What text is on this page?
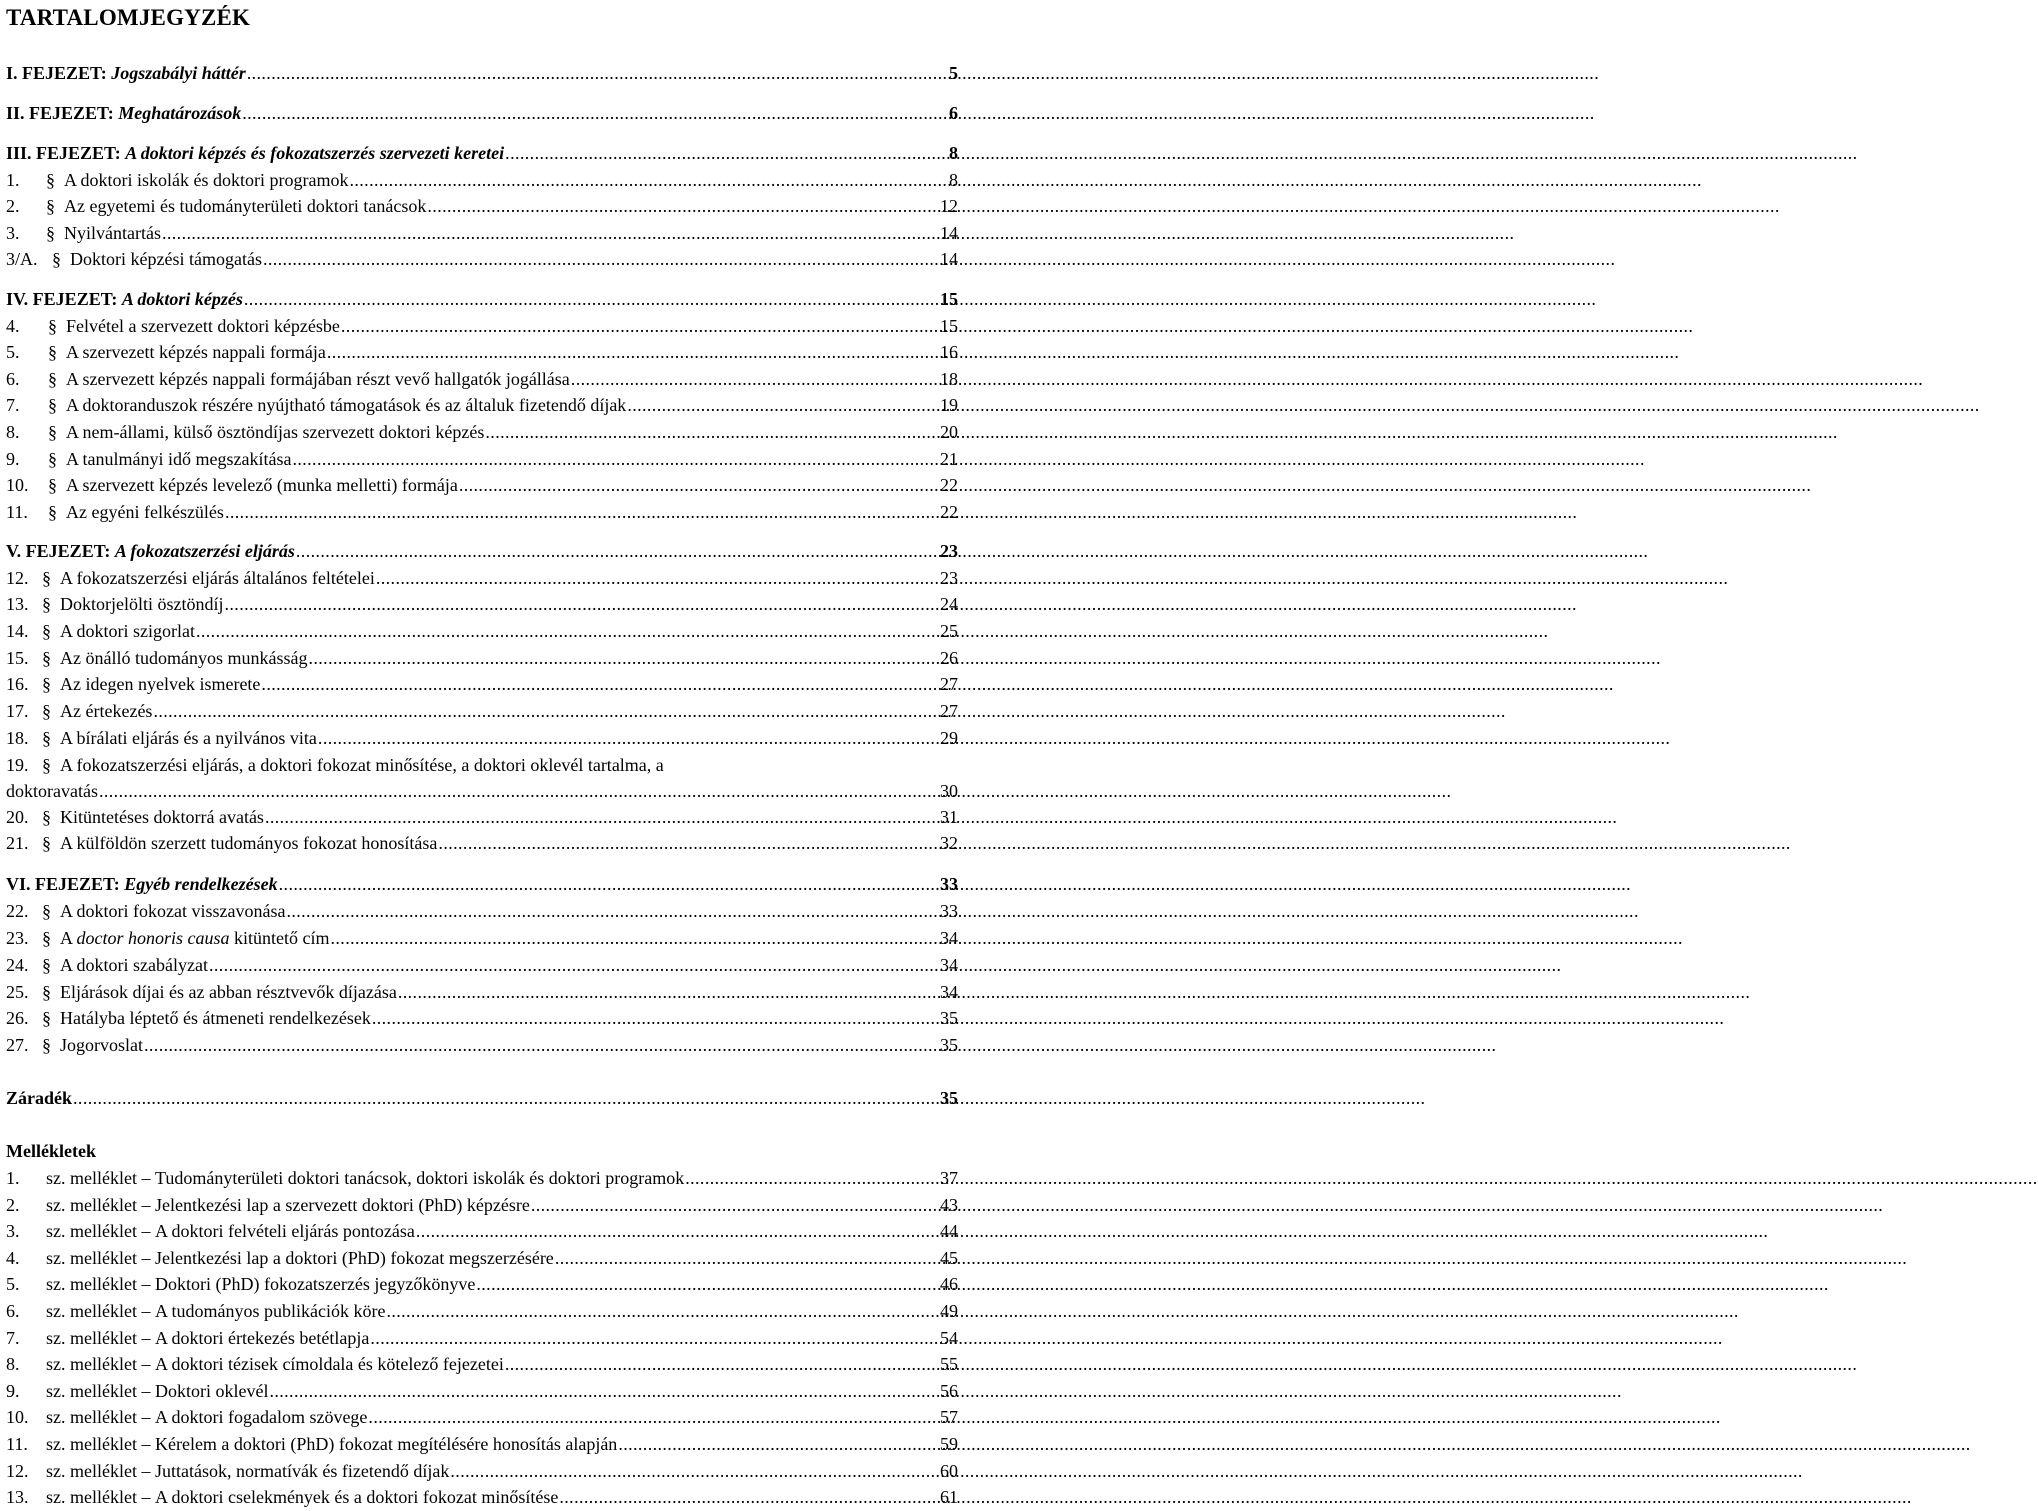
TARTALOMJEGYZÉK
I. FEJEZET: Jogszabályi háttér .....	5
II. FEJEZET: Meghatározások .....	6
III. FEJEZET: A doktori képzés és fokozatszerzés szervezeti keretei .....	8
1.	§ A doktori iskolák és doktori programok .....	8
2.	§ Az egyetemi és tudományterületi doktori tanácsok .....	12
3.	§ Nyilvántartás .....	14
3/A. § Doktori képzési támogatás .....	14
IV. FEJEZET: A doktori képzés .....	15
4.	§ Felvétel a szervezett doktori képzésbe .....	15
5.	§ A szervezett képzés nappali formája .....	16
6.	§ A szervezett képzés nappali formájában részt vevő hallgatók jogállása .....	18
7.	§ A doktoranduszok részére nyújtható támogatások és az általuk fizetendő díjak .....	19
8.	§ A nem-állami, külső ösztöndíjas szervezett doktori képzés .....	20
9.	§ A tanulmányi idő megszakítása .....	21
10.	§ A szervezett képzés levelező (munka melletti) formája .....	22
11.	§ Az egyéni felkészülés .....	22
V. FEJEZET: A fokozatszerzési eljárás .....	23
12. § A fokozatszerzési eljárás általános feltételei .....	23
13. § Doktorjelölti ösztöndíj .....	24
14. § A doktori szigorlat .....	25
15. § Az önálló tudományos munkásság .....	26
16. § Az idegen nyelvek ismerete .....	27
17. § Az értekezés .....	27
18. § A bírálati eljárás és a nyilvános vita .....	29
19. § A fokozatszerzési eljárás, a doktori fokozat minősítése, a doktori oklevél tartalma, a
doktoravatás .....	30
20. § Kitüntetéses doktorrá avatás .....	31
21. § A külföldön szerzett tudományos fokozat honosítása .....	32
VI. FEJEZET: Egyéb rendelkezések .....	33
22. § A doktori fokozat visszavonása .....	33
23. § A doctor honoris causa kitüntető cím .....	34
24. § A doktori szabályzat .....	34
25. § Eljárások díjai és az abban résztvevők díjazása .....	34
26. § Hatályba léptető és átmeneti rendelkezések .....	35
27. § Jogorvoslat .....	35
Záradék .....	35
Mellékletek
1.	sz. melléklet –
Tudományterületi doktori tanácsok, doktori iskolák és doktori programok .....	37
2.	sz. melléklet –
Jelentkezési lap a szervezett doktori (PhD) képzésre .....	43
3.	sz. melléklet –
A doktori felvételi eljárás pontozása .....	44
4.	sz. melléklet –
Jelentkezési lap a doktori (PhD) fokozat megszerzésére .....	45
5.	sz. melléklet –
Doktori (PhD) fokozatszerzés jegyzőkönyve .....	46
6.	sz. melléklet –
A tudományos publikációk köre .....	49
7.	sz. melléklet –
A doktori értekezés betétlapja .....	54
8.	sz. melléklet –
A doktori tézisek címoldala és kötelező fejezetei .....	55
9.	sz. melléklet –
Doktori oklevél .....	56
10. sz. melléklet –
A doktori fogadalom szövege .....	57
11.	sz. melléklet –
Kérelem a doktori (PhD) fokozat megítélésére honosítás alapján .....	59
12. sz. melléklet –
Juttatások, normatívák és fizetendő díjak .....	60
13. sz. melléklet –
A doktori cselekmények és a doktori fokozat minősítése .....	61
